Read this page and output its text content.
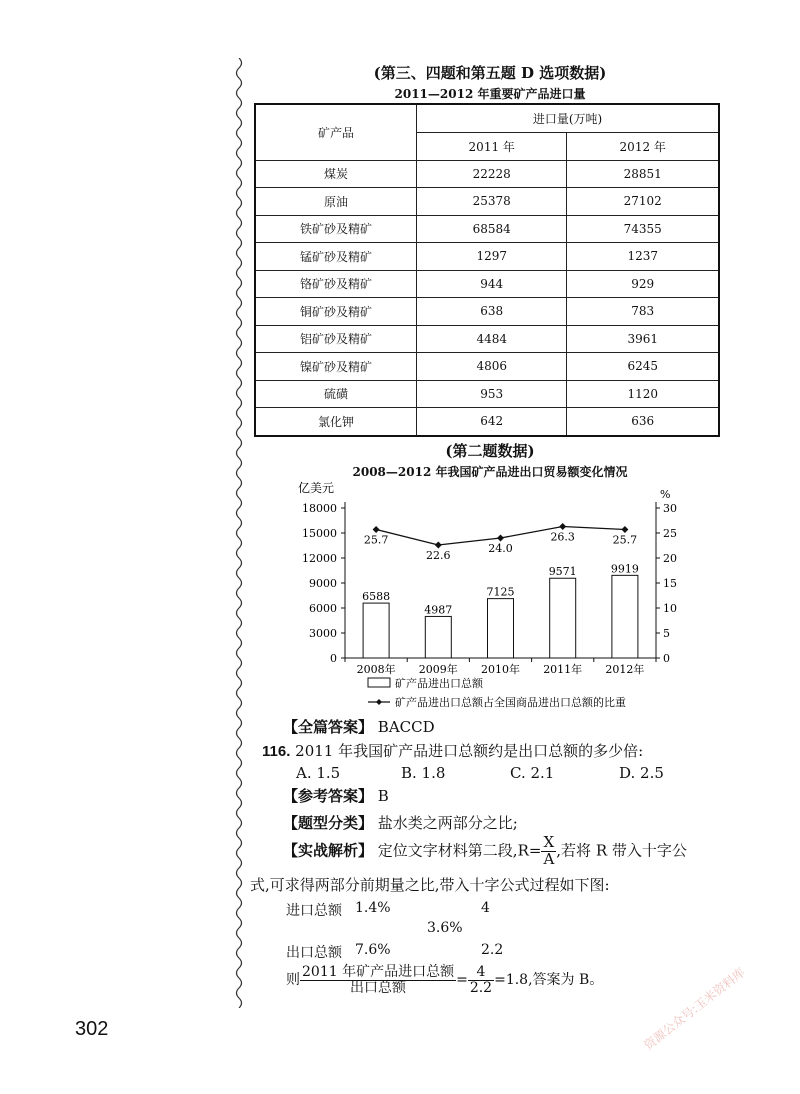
(第三、四题和第五题 D 选项数据)
2011—2012 年重要矿产品进口量
矿产品	进口量(万吨)	
	2011 年	2012 年
煤炭	22228	28851
原油	25378	27102
铁矿砂及精矿	68584	74355
锰矿砂及精矿	1297	1237
铬矿砂及精矿	944	929
铜矿砂及精矿	638	783
铝矿砂及精矿	4484	3961
镍矿砂及精矿	4806	6245
硫磺	953	1120
氯化钾	642	636
(第二题数据)
2008—2012 年我国矿产品进出口贸易额变化情况
亿美元	%
0
3000
6000
9000
12000
15000
18000
0
5
10
15
20
25
30
6588
2008年
4987
2009年
7125
2010年
9571
2011年
9919
2012年
25.7
22.6
24.0
26.3	25.7
矿产品进出口总额
矿产品进出口总额占全国商品进出口总额的比重
【全篇答案】 BACCD
116. 2011 年我国矿产品进口总额约是出口总额的多少倍:
A. 1.5	B. 1.8	C. 2.1	D. 2.5
【参考答案】 B
【题型分类】 盐水类之两部分之比;
【实战解析】 定位文字材料第二段$,R= \frac{X}{A}$ ,若将 R 带入十字公
式,可求得两部分前期量之比,带入十字公式过程如下图:
进口总额 1.4%	4
3.6%
出口总额 7.6%	2.2
则 $\frac{\text{2011 年矿产品进口总额}}{\text{出口总额}} = \frac{4}{2.2} =1.8$,答案为 B。
302	资源公众号:玉米资料库
